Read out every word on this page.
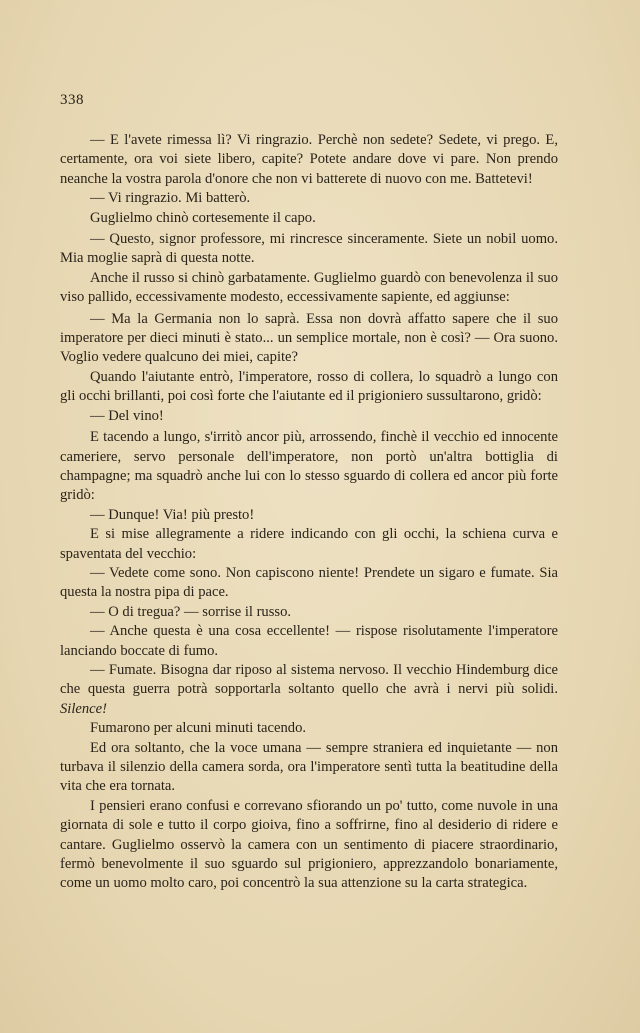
338

— E l'avete rimessa lì? Vi ringrazio. Perchè non sedete? Sedete, vi prego. E, certamente, ora voi siete libero, capite? Potete andare dove vi pare. Non prendo neanche la vostra parola d'onore che non vi batterete di nuovo con me. Battetevi!

— Vi ringrazio. Mi batterò.

Guglielmo chinò cortesemente il capo.

— Questo, signor professore, mi rincresce sinceramente. Siete un nobil uomo. Mia moglie saprà di questa notte.

Anche il russo si chinò garbatamente. Guglielmo guardò con benevolenza il suo viso pallido, eccessivamente modesto, eccessivamente sapiente, ed aggiunse:

— Ma la Germania non lo saprà. Essa non dovrà affatto sapere che il suo imperatore per dieci minuti è stato... un semplice mortale, non è così? — Ora suono. Voglio vedere qualcuno dei miei, capite?

Quando l'aiutante entrò, l'imperatore, rosso di collera, lo squadrò a lungo con gli occhi brillanti, poi così forte che l'aiutante ed il prigioniero sussultarono, gridò:

— Del vino!

E tacendo a lungo, s'irritò ancor più, arrossendo, finchè il vecchio ed innocente cameriere, servo personale dell'imperatore, non portò un'altra bottiglia di champagne; ma squadrò anche lui con lo stesso sguardo di collera ed ancor più forte gridò:

— Dunque! Via! più presto!

E si mise allegramente a ridere indicando con gli occhi, la schiena curva e spaventata del vecchio:

— Vedete come sono. Non capiscono niente! Prendete un sigaro e fumate. Sia questa la nostra pipa di pace.

— O di tregua? — sorrise il russo.

— Anche questa è una cosa eccellente! — rispose risolutamente l'imperatore lanciando boccate di fumo.

— Fumate. Bisogna dar riposo al sistema nervoso. Il vecchio Hindemburg dice che questa guerra potrà sopportarla soltanto quello che avrà i nervi più solidi. Silence!

Fumarono per alcuni minuti tacendo.

Ed ora soltanto, che la voce umana — sempre straniera ed inquietante — non turbava il silenzio della camera sorda, ora l'imperatore sentì tutta la beatitudine della vita che era tornata.

I pensieri erano confusi e correvano sfiorando un po' tutto, come nuvole in una giornata di sole e tutto il corpo gioiva, fino a soffrirne, fino al desiderio di ridere e cantare. Guglielmo osservò la camera con un sentimento di piacere straordinario, fermò benevolmente il suo sguardo sul prigioniero, apprezzandolo bonariamente, come un uomo molto caro, poi concentrò la sua attenzione su la carta strategica.
